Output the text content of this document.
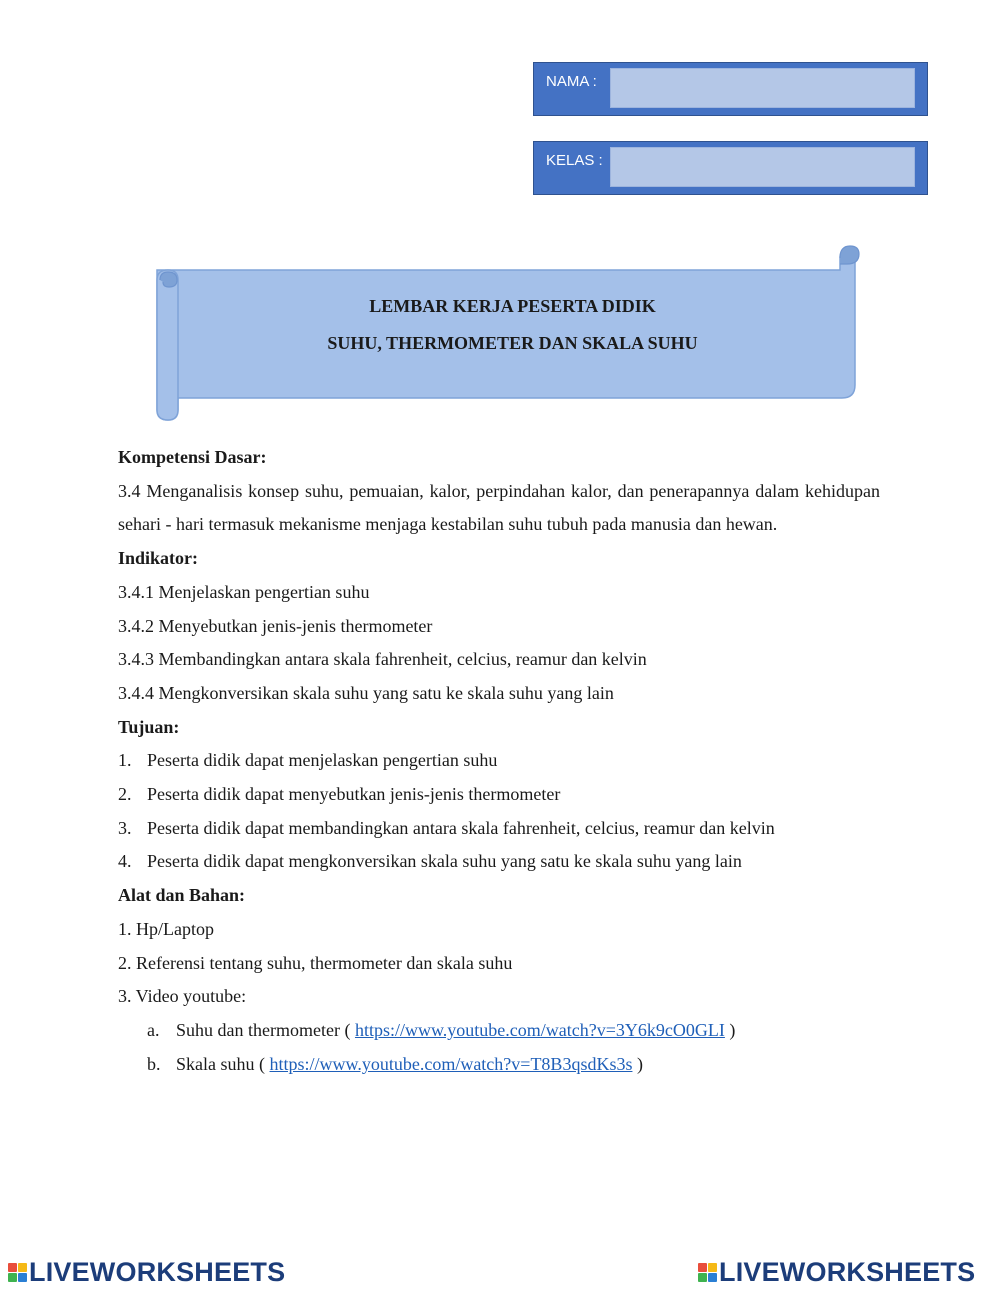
NAMA :
KELAS :
LEMBAR KERJA PESERTA DIDIK
SUHU, THERMOMETER DAN SKALA SUHU

Kompetensi Dasar:

3.4 Menganalisis konsep suhu, pemuaian, kalor, perpindahan kalor, dan penerapannya dalam kehidupan sehari - hari termasuk mekanisme menjaga kestabilan suhu tubuh pada manusia dan hewan.

Indikator:

3.4.1 Menjelaskan pengertian suhu

3.4.2 Menyebutkan jenis-jenis thermometer

3.4.3 Membandingkan antara skala fahrenheit, celcius, reamur dan kelvin

3.4.4 Mengkonversikan skala suhu yang satu ke skala suhu yang lain

Tujuan:

1. Peserta didik dapat menjelaskan pengertian suhu

2. Peserta didik dapat menyebutkan jenis-jenis thermometer

3. Peserta didik dapat membandingkan antara skala fahrenheit, celcius, reamur dan kelvin

4. Peserta didik dapat mengkonversikan skala suhu yang satu ke skala suhu yang lain

Alat dan Bahan:

1. Hp/Laptop

2. Referensi tentang suhu, thermometer dan skala suhu

3. Video youtube:

a. Suhu dan thermometer ( https://www.youtube.com/watch?v=3Y6k9cO0GLI )

b. Skala suhu ( https://www.youtube.com/watch?v=T8B3qsdKs3s )

LIVEWORKSHEETS	LIVEWORKSHEETS
